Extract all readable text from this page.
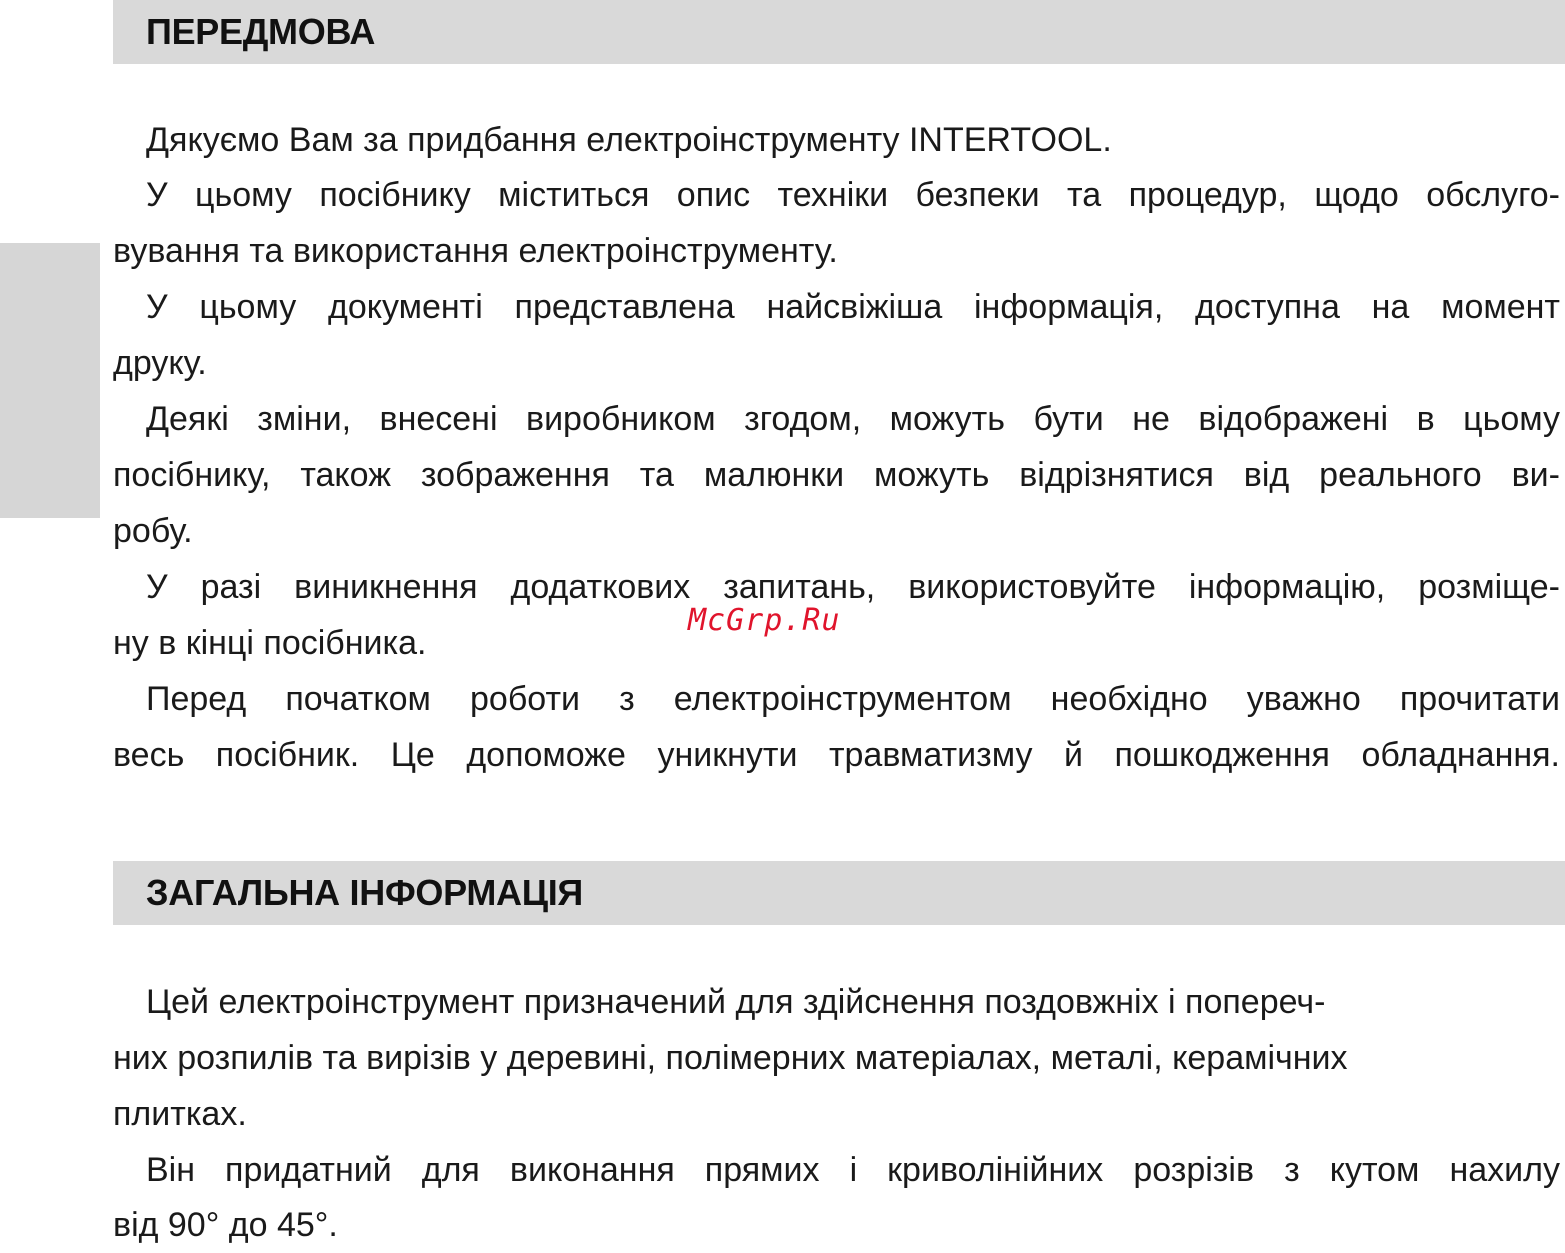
ПЕРЕДМОВА
Дякуємо Вам за придбання електроінструменту INTERTOOL.
У цьому посібнику міститься опис техніки безпеки та процедур, щодо обслуго-
вування та використання електроінструменту.
У цьому документі представлена найсвіжіша інформація, доступна на момент
друку.
Деякі зміни, внесені виробником згодом, можуть бути не відображені в цьому
посібнику, також зображення та малюнки можуть відрізнятися від реального ви-
робу.
У разі виникнення додаткових запитань, використовуйте інформацію, розміще-
ну в кінці посібника.
Перед початком роботи з електроінструментом необхідно уважно прочитати
весь посібник. Це допоможе уникнути травматизму й пошкодження обладнання.
McGrp.Ru
ЗАГАЛЬНА ІНФОРМАЦІЯ
Цей електроінструмент призначений для здійснення поздовжніх і попереч-
них розпилів та вирізів у деревині, полімерних матеріалах, металі, керамічних
плитках.
Він придатний для виконання прямих і криволінійних розрізів з кутом нахилу
від 90° до 45°.
